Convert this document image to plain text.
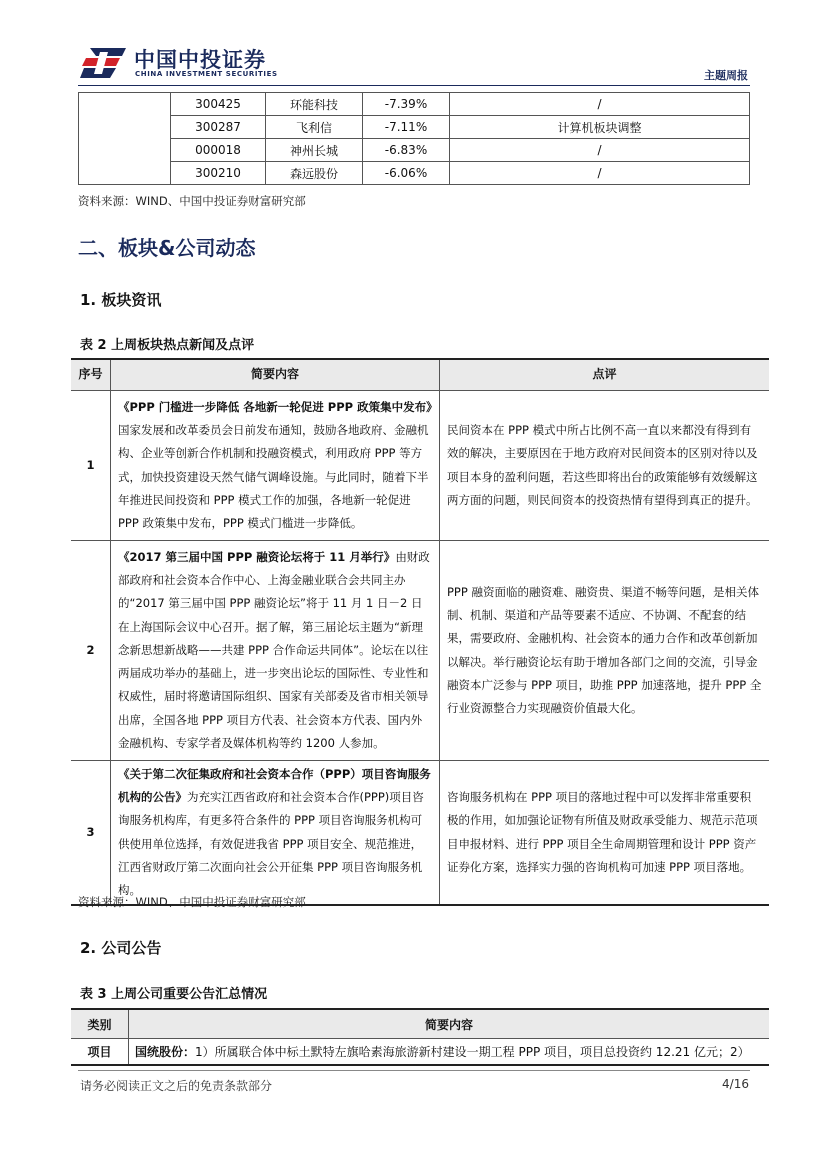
中国中投证券
CHINA INVESTMENT SECURITIES	主题周报
	300425	环能科技	-7.39%	/
	300287	飞利信	-7.11%	计算机板块调整
	000018	神州长城	-6.83%	/
	300210	森远股份	-6.06%	/
资料来源：WIND、中国中投证券财富研究部
二、板块&公司动态
1. 板块资讯
表 2 上周板块热点新闻及点评
序号	简要内容	点评
1	《PPP 门槛进一步降低 各地新一轮促进 PPP 政策集中发布》国家发展和改革委员会日前发布通知，鼓励各地政府、金融机构、企业等创新合作机制和投融资模式，利用政府 PPP 等方式，加快投资建设天然气储气调峰设施。与此同时，随着下半年推进民间投资和 PPP 模式工作的加强，各地新一轮促进 PPP 政策集中发布，PPP 模式门槛进一步降低。	民间资本在 PPP 模式中所占比例不高一直以来都没有得到有效的解决，主要原因在于地方政府对民间资本的区别对待以及项目本身的盈利问题，若这些即将出台的政策能够有效缓解这两方面的问题，则民间资本的投资热情有望得到真正的提升。
2	《2017 第三届中国 PPP 融资论坛将于 11 月举行》由财政部政府和社会资本合作中心、上海金融业联合会共同主办的“2017 第三届中国 PPP 融资论坛”将于 11 月 1 日－2 日在上海国际会议中心召开。据了解，第三届论坛主题为“新理念新思想新战略——共建 PPP 合作命运共同体”。论坛在以往两届成功举办的基础上，进一步突出论坛的国际性、专业性和权威性，届时将邀请国际组织、国家有关部委及省市相关领导出席，全国各地 PPP 项目方代表、社会资本方代表、国内外金融机构、专家学者及媒体机构等约 1200 人参加。	PPP 融资面临的融资难、融资贵、渠道不畅等问题，是相关体制、机制、渠道和产品等要素不适应、不协调、不配套的结果，需要政府、金融机构、社会资本的通力合作和改革创新加以解决。举行融资论坛有助于增加各部门之间的交流，引导金融资本广泛参与 PPP 项目，助推 PPP 加速落地，提升 PPP 全行业资源整合力实现融资价值最大化。
3	《关于第二次征集政府和社会资本合作（PPP）项目咨询服务机构的公告》为充实江西省政府和社会资本合作(PPP)项目咨询服务机构库，有更多符合条件的 PPP 项目咨询服务机构可供使用单位选择，有效促进我省 PPP 项目安全、规范推进，江西省财政厅第二次面向社会公开征集 PPP 项目咨询服务机构。	咨询服务机构在 PPP 项目的落地过程中可以发挥非常重要积极的作用，如加强论证物有所值及财政承受能力、规范示范项目申报材料、进行 PPP 项目全生命周期管理和设计 PPP 资产证券化方案，选择实力强的咨询机构可加速 PPP 项目落地。
资料来源：WIND、中国中投证券财富研究部
2. 公司公告
表 3 上周公司重要公告汇总情况
类别	简要内容
项目	国统股份：1）所属联合体中标土默特左旗哈素海旅游新村建设一期工程 PPP 项目，项目总投资约 12.21 亿元；2）
请务必阅读正文之后的免责条款部分	4/16
